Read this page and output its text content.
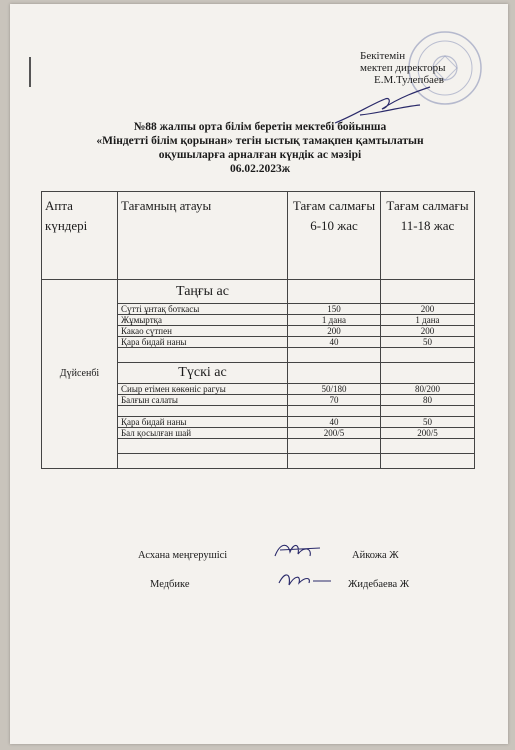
Бекітемін
мектеп директоры
Е.М.Тулепбаев
№88 жалпы орта білім беретін мектебі бойынша
«Міндетті білім қорынан» тегін ыстық тамақпен қамтылатын
оқушыларға арналған күндік ас мәзірі
06.02.2023ж
Апта күндері	Тағамның атауы	Тағам салмағы 6-10 жас	Тағам салмағы 11-18 жас
Дүйсенбі	Таңғы ас		
	Сүтті ұнтақ боткасы	150	200
	Жұмыртқа	1 дана	1 дана
	Какао сүтпен	200	200
	Қара бидай наны	40	50

	Түскі ас		
	Сиыр етімен көкөніс рагуы	50/180	80/200
	Балғын салаты	70	80

	Қара бидай наны	40	50
	Бал қосылған шай	200/5	200/5

Асхана меңгерушісі	Айкожа Ж
Медбике	Жидебаева Ж
